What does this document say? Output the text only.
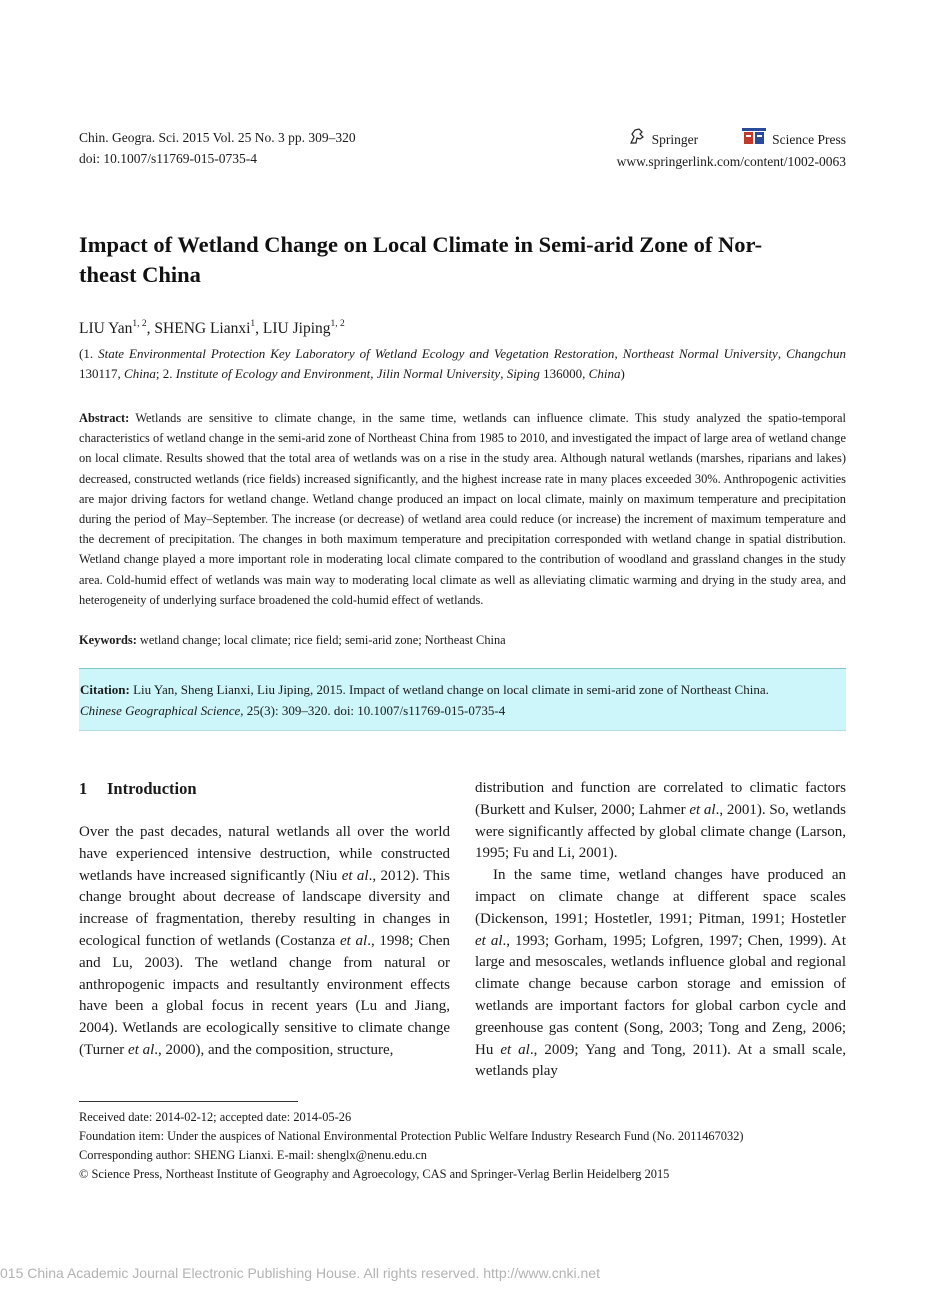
Chin. Geogra. Sci. 2015 Vol. 25 No. 3 pp. 309–320
doi: 10.1007/s11769-015-0735-4
Springer	Science Press
www.springerlink.com/content/1002-0063
Impact of Wetland Change on Local Climate in Semi-arid Zone of Nor-
theast China
LIU Yan$^{1, 2}$, SHENG Lianxi$^1$, LIU Jiping$^{1, 2}$
(1. State Environmental Protection Key Laboratory of Wetland Ecology and Vegetation Restoration, Northeast Normal University, Changchun 130117, China; 2. Institute of Ecology and Environment, Jilin Normal University, Siping 136000, China)
Abstract: Wetlands are sensitive to climate change, in the same time, wetlands can influence climate. This study analyzed the spatio-temporal characteristics of wetland change in the semi-arid zone of Northeast China from 1985 to 2010, and investigated the impact of large area of wetland change on local climate. Results showed that the total area of wetlands was on a rise in the study area. Although natural wetlands (marshes, riparians and lakes) decreased, constructed wetlands (rice fields) increased significantly, and the highest increase rate in many places exceeded 30%. Anthropogenic activities are major driving factors for wetland change. Wetland change produced an impact on local climate, mainly on maximum temperature and precipitation during the period of May–September. The increase (or decrease) of wetland area could reduce (or increase) the increment of maximum temperature and the decrement of precipitation. The changes in both maximum temperature and precipitation corresponded with wetland change in spatial distribution. Wetland change played a more important role in moderating local climate compared to the contribution of woodland and grassland changes in the study area. Cold-humid effect of wetlands was main way to moderating local climate as well as alleviating climatic warming and drying in the study area, and heterogeneity of underlying surface broadened the cold-humid effect of wetlands.
Keywords: wetland change; local climate; rice field; semi-arid zone; Northeast China
Citation: Liu Yan, Sheng Lianxi, Liu Jiping, 2015. Impact of wetland change on local climate in semi-arid zone of Northeast China.
Chinese Geographical Science, 25(3): 309–320. doi: 10.1007/s11769-015-0735-4
1 Introduction

Over the past decades, natural wetlands all over the world have experienced intensive destruction, while constructed wetlands have increased significantly (Niu et al., 2012). This change brought about decrease of landscape diversity and increase of fragmentation, thereby resulting in changes in ecological function of wetlands (Costanza et al., 1998; Chen and Lu, 2003). The wetland change from natural or anthropogenic impacts and resultantly environment effects have been a global focus in recent years (Lu and Jiang, 2004). Wetlands are ecologically sensitive to climate change (Turner et al., 2000), and the composition, structure,

distribution and function are correlated to climatic factors (Burkett and Kulser, 2000; Lahmer et al., 2001). So, wetlands were significantly affected by global climate change (Larson, 1995; Fu and Li, 2001).

In the same time, wetland changes have produced an impact on climate change at different space scales (Dickenson, 1991; Hostetler, 1991; Pitman, 1991; Hostetler et al., 1993; Gorham, 1995; Lofgren, 1997; Chen, 1999). At large and mesoscales, wetlands influence global and regional climate change because carbon storage and emission of wetlands are important factors for global carbon cycle and greenhouse gas content (Song, 2003; Tong and Zeng, 2006; Hu et al., 2009; Yang and Tong, 2011). At a small scale, wetlands play

Received date: 2014-02-12; accepted date: 2014-05-26
Foundation item: Under the auspices of National Environmental Protection Public Welfare Industry Research Fund (No. 2011467032)
Corresponding author: SHENG Lianxi. E-mail: shenglx@nenu.edu.cn
© Science Press, Northeast Institute of Geography and Agroecology, CAS and Springer-Verlag Berlin Heidelberg 2015
015 China Academic Journal Electronic Publishing House. All rights reserved. http://www.cnki.net
